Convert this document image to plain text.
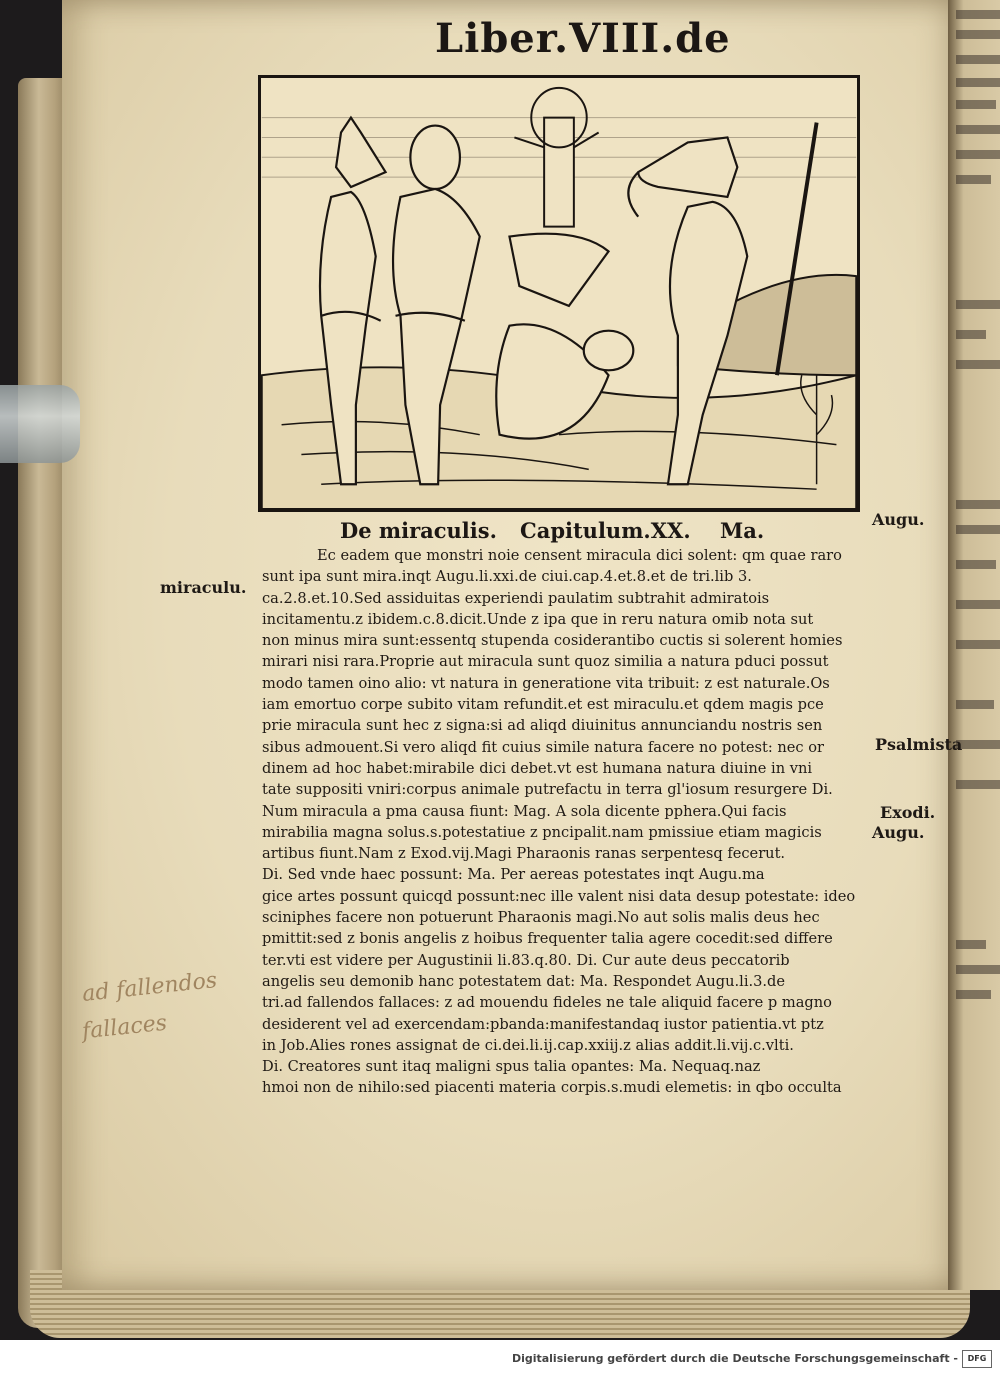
Liber.VIII.de
De miraculis. Capitulum.XX. Ma.
Ec eadem que monstri noie censent miracula dici solent: qm quae raro
sunt ipa sunt mira.inqt Augu.li.xxi.de ciui.cap.4.et.8.et de tri.lib 3.
ca.2.8.et.10.Sed assiduitas experiendi paulatim subtrahit admiratois
incitamentu.z ibidem.c.8.dicit.Unde z ipa que in reru natura omib nota sut
non minus mira sunt:essentq stupenda cosiderantibo cuctis si solerent homies
mirari nisi rara.Proprie aut miracula sunt quoz similia a natura pduci possut
modo tamen oino alio: vt natura in generatione vita tribuit: z est naturale.Os
iam emortuo corpe subito vitam refundit.et est miraculu.et qdem magis pce
prie miracula sunt hec z signa:si ad aliqd diuinitus annunciandu nostris sen
sibus admouent.Si vero aliqd fit cuius simile natura facere no potest: nec or
dinem ad hoc habet:mirabile dici debet.vt est humana natura diuine in vni
tate suppositi vniri:corpus animale putrefactu in terra gl'iosum resurgere Di.
Num miracula a pma causa fiunt: Mag. A sola dicente pphera.Qui facis
mirabilia magna solus.s.potestatiue z pncipalit.nam pmissiue etiam magicis
artibus fiunt.Nam z Exod.vij.Magi Pharaonis ranas serpentesq fecerut.
Di. Sed vnde haec possunt: Ma. Per aereas potestates inqt Augu.ma
gice artes possunt quicqd possunt:nec ille valent nisi data desup potestate: ideo
sciniphes facere non potuerunt Pharaonis magi.No aut solis malis deus hec
pmittit:sed z bonis angelis z hoibus frequenter talia agere cocedit:sed differe
ter.vti est videre per Augustinii li.83.q.80. Di. Cur aute deus peccatorib
angelis seu demonib hanc potestatem dat: Ma. Respondet Augu.li.3.de
tri.ad fallendos fallaces: z ad mouendu fideles ne tale aliquid facere p magno
desiderent vel ad exercendam:pbanda:manifestandaq iustor patientia.vt ptz
in Job.Alies rones assignat de ci.dei.li.ij.cap.xxiij.z alias addit.li.vij.c.vlti.
Di. Creatores sunt itaq maligni spus talia opantes: Ma. Nequaq.naz
hmoi non de nihilo:sed piacenti materia corpis.s.mudi elemetis: in qbo occulta
Augu.
miraculu.
Psalmista
Exodi.
Augu.
ad fallendos
fallaces
Digitalisierung gefördert durch die Deutsche Forschungsgemeinschaft -	DFG
